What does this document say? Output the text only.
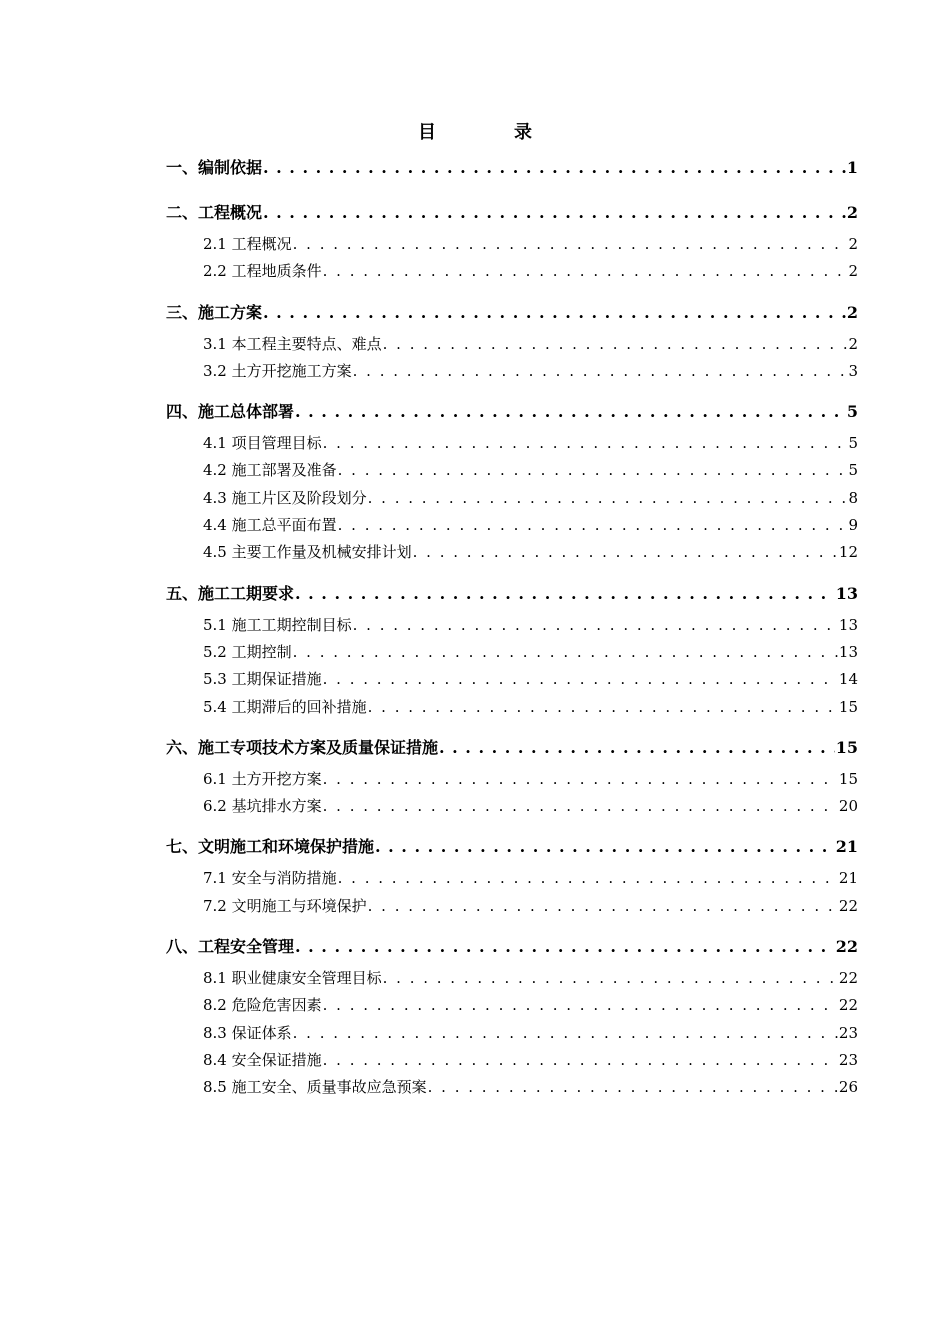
目　录
一、编制依据 . . .	1
二、工程概况 . . .	2
2.1 工程概况 . . .	2
2.2 工程地质条件 . . .	2
三、施工方案 . . .	2
3.1 本工程主要特点、难点 . . .	2
3.2 土方开挖施工方案 . . .	3
四、施工总体部署 . . .	5
4.1 项目管理目标 . . .	5
4.2 施工部署及准备 . . .	5
4.3 施工片区及阶段划分 . . .	8
4.4 施工总平面布置 . . .	9
4.5 主要工作量及机械安排计划 . . .	12
五、施工工期要求 . . .	13
5.1 施工工期控制目标 . . .	13
5.2 工期控制 . . .	13
5.3 工期保证措施 . . .	14
5.4 工期滞后的回补措施 . . .	15
六、施工专项技术方案及质量保证措施 . . .	15
6.1 土方开挖方案 . . .	15
6.2 基坑排水方案 . . .	20
七、文明施工和环境保护措施 . . .	21
7.1 安全与消防措施 . . .	21
7.2 文明施工与环境保护 . . .	22
八、工程安全管理 . . .	22
8.1 职业健康安全管理目标 . . .	22
8.2 危险危害因素 . . .	22
8.3 保证体系 . . .	23
8.4 安全保证措施 . . .	23
8.5 施工安全、质量事故应急预案 . . .	26
